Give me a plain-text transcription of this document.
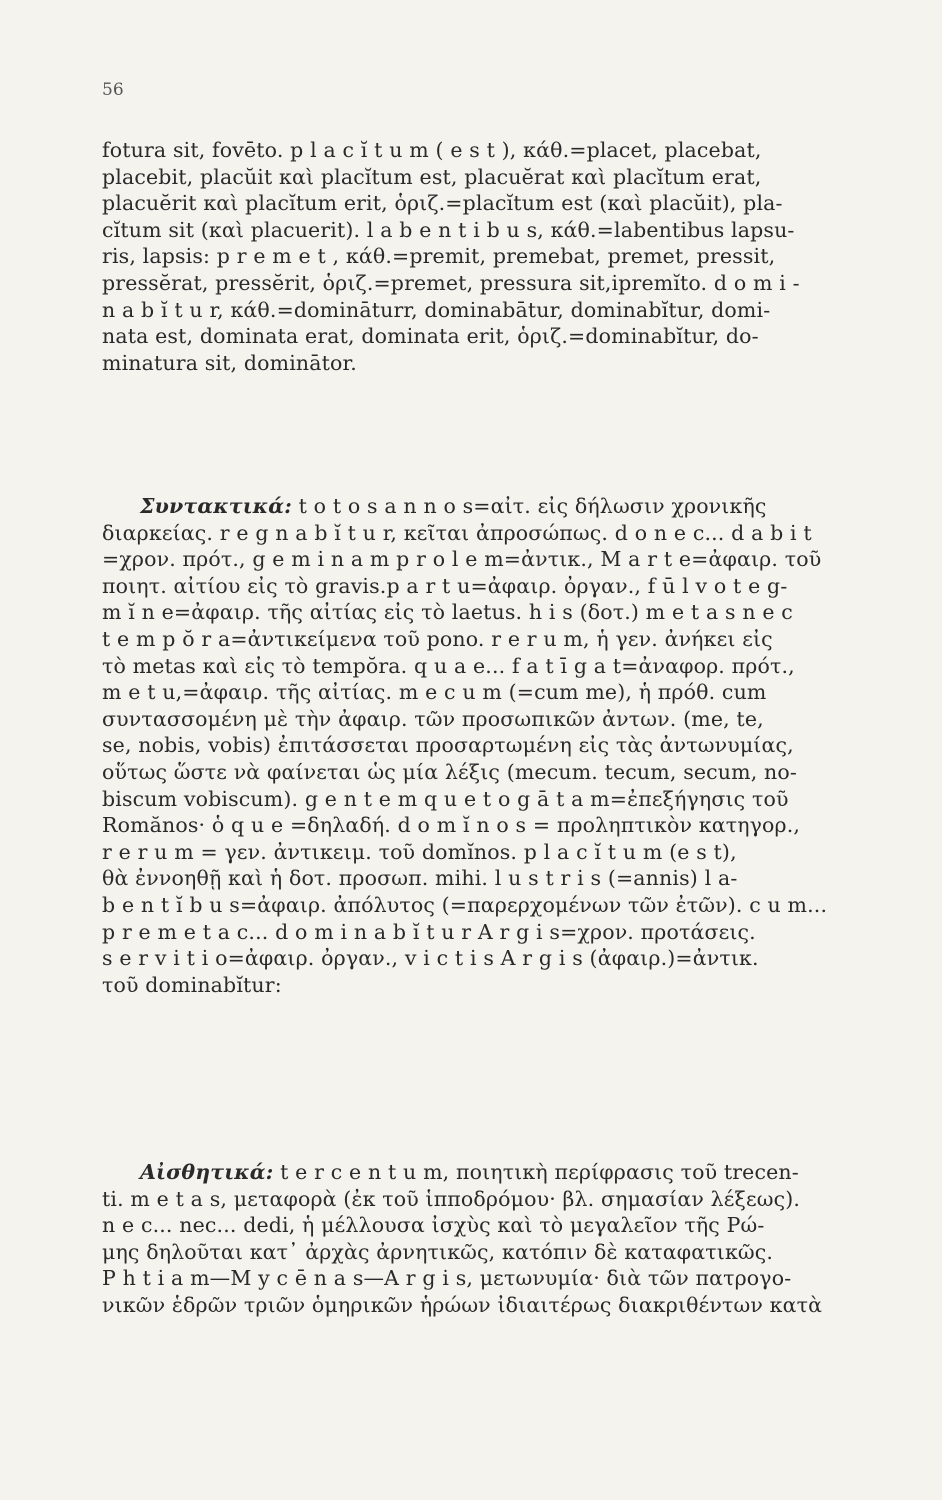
56

fotura sit, fovēto. p l a c ĭ t u m ( e s t ), κάθ.=placet, placebat,

placebit, placŭit καὶ placĭtum est, placuĕrat καὶ placĭtum erat,

placuĕrit καὶ placĭtum erit, ὁριζ.=placĭtum est (καὶ placŭit), pla-

cĭtum sit (καὶ placuerit). l a b e n t i b u s, κάθ.=labentibus lapsu-

ris, lapsis: p r e m e t , κάθ.=premit, premebat, premet, pressit,

pressĕrat, pressĕrit, ὁριζ.=premet, pressura sit,ipremĭto. d o m i -

n a b ĭ t u r, κάθ.=domināturr, dominabātur, dominabĭtur, domi-

nata est, dominata erat, dominata erit, ὁριζ.=dominabĭtur, do-

minatura sit, dominātor.

Συντακτικά: t o t o s a n n o s=αἰτ. εἰς δήλωσιν χρονικῆς

διαρκείας. r e g n a b ĭ t u r, κεῖται ἀπροσώπως. d o n e c... d a b i t

=χρον. πρότ., g e m i n a m p r o l e m=ἀντικ., M a r t e=ἀφαιρ. τοῦ

ποιητ. αἰτίου εἰς τὸ gravis.p a r t u=ἀφαιρ. ὀργαν., f ū l v o t e g-

m ĭ n e=ἀφαιρ. τῆς αἰτίας εἰς τὸ laetus. h i s (δοτ.) m e t a s n e c

t e m p ŏ r a=ἀντικείμενα τοῦ pono. r e r u m, ἡ γεν. ἀνήκει εἰς

τὸ metas καὶ εἰς τὸ tempŏra. q u a e... f a t ī g a t=ἀναφορ. πρότ.,

m e t u,=ἀφαιρ. τῆς αἰτίας. m e c u m (=cum me), ἡ πρόθ. cum

συντασσομένη μὲ τὴν ἀφαιρ. τῶν προσωπικῶν ἀντων. (me, te,

se, nobis, vobis) ἐπιτάσσεται προσαρτωμένη εἰς τὰς ἀντωνυμίας,

οὕτως ὥστε νὰ φαίνεται ὡς μία λέξις (mecum. tecum, secum, no-

biscum vobiscum). g e n t e m q u e t o g ā t a m=ἐπεξήγησις τοῦ

Romănos· ὁ q u e =δηλαδή. d o m ĭ n o s = προληπτικὸν κατηγορ.,

r e r u m = γεν. ἀντικειμ. τοῦ domĭnos. p l a c ĭ t u m (e s t),

θὰ ἐννοηθῇ καὶ ἡ δοτ. προσωπ. mihi. l u s t r i s (=annis) l a-

b e n t ĭ b u s=ἀφαιρ. ἀπόλυτος (=παρερχομένων τῶν ἐτῶν). c u m...

p r e m e t a c... d o m i n a b ĭ t u r A r g i s=χρον. προτάσεις.

s e r v i t i o=ἀφαιρ. ὀργαν., v i c t i s A r g i s (ἀφαιρ.)=ἀντικ.

τοῦ dominabĭtur:

Αἰσθητικά: t e r c e n t u m, ποιητικὴ περίφρασις τοῦ trecen-

ti. m e t a s, μεταφορὰ (ἐκ τοῦ ἱπποδρόμου· βλ. σημασίαν λέξεως).

n e c... nec... dedi, ἡ μέλλουσα ἰσχὺς καὶ τὸ μεγαλεῖον τῆς Ρώ-

μης δηλοῦται κατ᾽ ἀρχὰς ἀρνητικῶς, κατόπιν δὲ καταφατικῶς.

P h t i a m—M y c ē n a s—A r g i s, μετωνυμία· διὰ τῶν πατρογο-

νικῶν ἑδρῶν τριῶν ὁμηρικῶν ἡρώων ἰδιαιτέρως διακριθέντων κατὰ
